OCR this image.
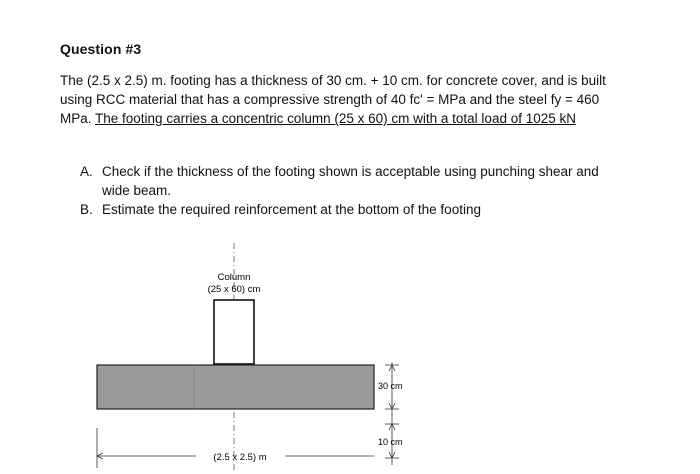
Question #3
The (2.5 x 2.5) m. footing has a thickness of 30 cm. + 10 cm. for concrete cover, and is built using RCC material that has a compressive strength of 40 fc' = MPa and the steel fy = 460 MPa. The footing carries a concentric column (25 x 60) cm with a total load of 1025 kN
A. Check if the thickness of the footing shown is acceptable using punching shear and wide beam.
B. Estimate the required reinforcement at the bottom of the footing
Column
(25 x 60) cm
30 cm
10 cm
(2.5 x 2.5) m
